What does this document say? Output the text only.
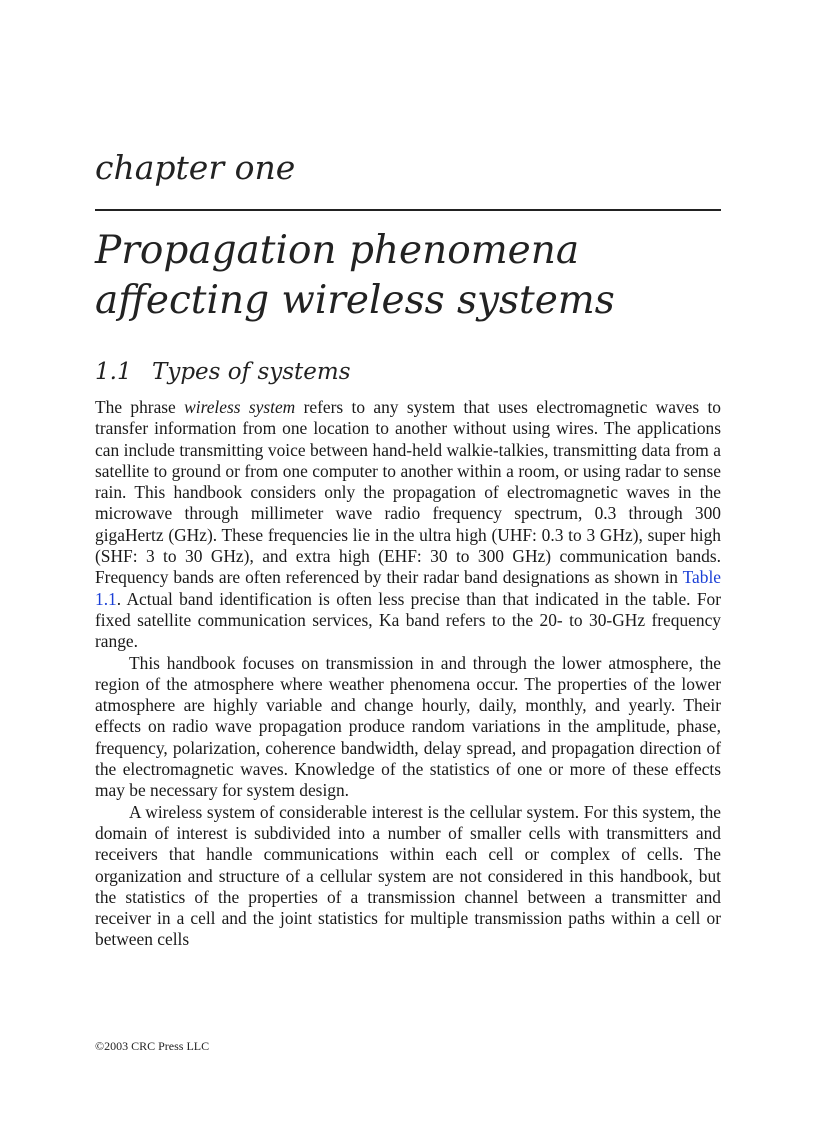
chapter one
Propagation phenomena
affecting wireless systems
1.1 Types of systems

The phrase wireless system refers to any system that uses electromagnetic waves to transfer information from one location to another without using wires. The applications can include transmitting voice between hand-held walkie-talkies, transmitting data from a satellite to ground or from one computer to another within a room, or using radar to sense rain. This handbook considers only the propagation of electromagnetic waves in the microwave through millimeter wave radio frequency spectrum, 0.3 through 300 gigaHertz (GHz). These frequencies lie in the ultra high (UHF: 0.3 to 3 GHz), super high (SHF: 3 to 30 GHz), and extra high (EHF: 30 to 300 GHz) communication bands. Frequency bands are often referenced by their radar band designations as shown in Table 1.1. Actual band identification is often less precise than that indicated in the table. For fixed satellite communication services, Ka band refers to the 20- to 30-GHz frequency range.

This handbook focuses on transmission in and through the lower atmosphere, the region of the atmosphere where weather phenomena occur. The properties of the lower atmosphere are highly variable and change hourly, daily, monthly, and yearly. Their effects on radio wave propagation produce random variations in the amplitude, phase, frequency, polarization, coherence bandwidth, delay spread, and propagation direction of the electromagnetic waves. Knowledge of the statistics of one or more of these effects may be necessary for system design.

A wireless system of considerable interest is the cellular system. For this system, the domain of interest is subdivided into a number of smaller cells with transmitters and receivers that handle communications within each cell or complex of cells. The organization and structure of a cellular system are not considered in this handbook, but the statistics of the properties of a transmission channel between a transmitter and receiver in a cell and the joint statistics for multiple transmission paths within a cell or between cells

©2003 CRC Press LLC
